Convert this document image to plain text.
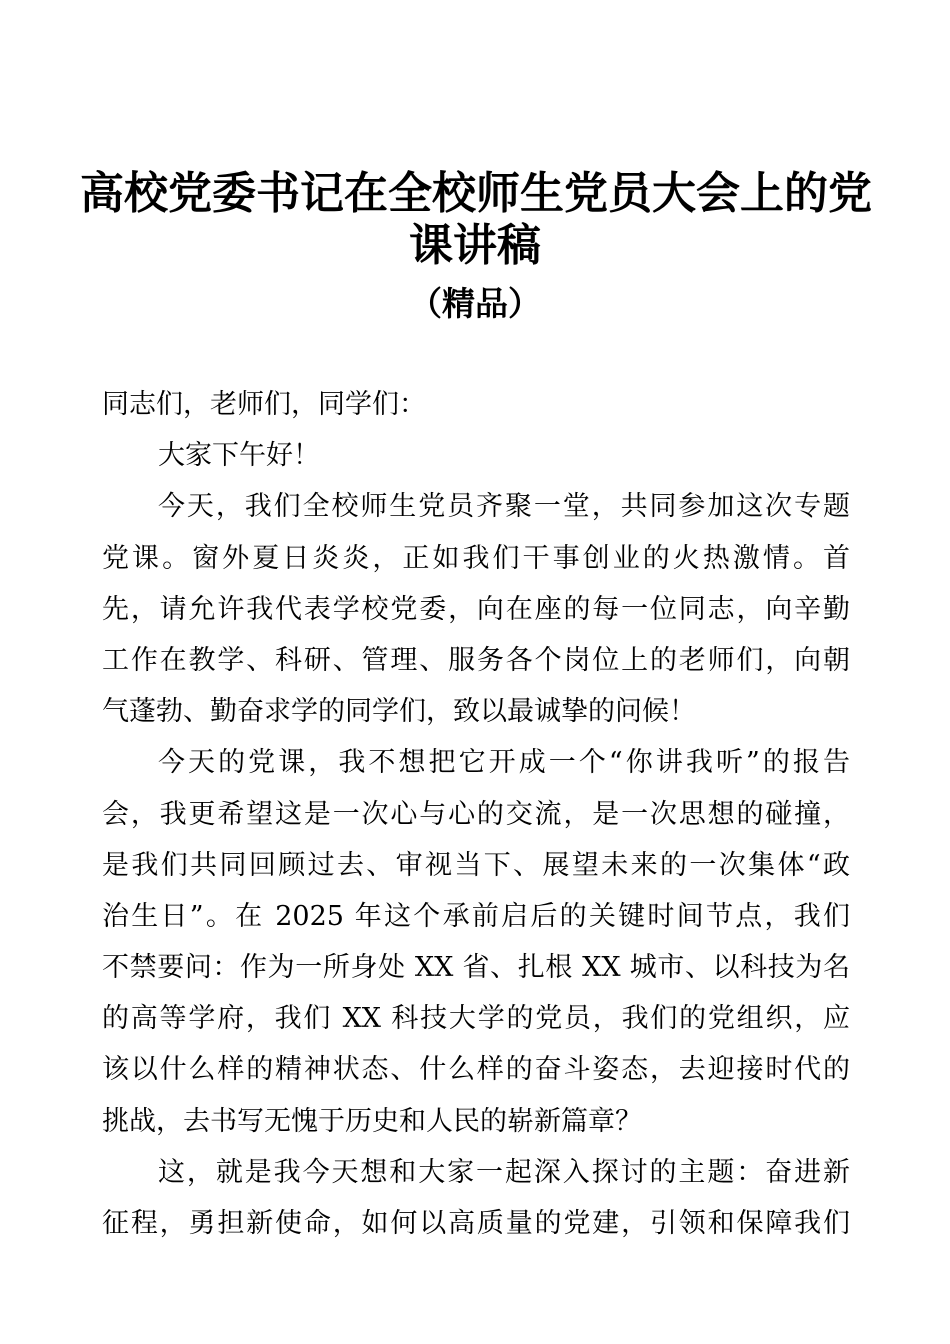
高校党委书记在全校师生党员大会上的党
课讲稿
（精品）
同志们，老师们，同学们：
大家下午好！
今天，我们全校师生党员齐聚一堂，共同参加这次专题
党课。窗外夏日炎炎，正如我们干事创业的火热激情。首
先，请允许我代表学校党委，向在座的每一位同志，向辛勤
工作在教学、科研、管理、服务各个岗位上的老师们，向朝
气蓬勃、勤奋求学的同学们，致以最诚挚的问候！
今天的党课，我不想把它开成一个“你讲我听”的报告
会，我更希望这是一次心与心的交流，是一次思想的碰撞，
是我们共同回顾过去、审视当下、展望未来的一次集体“政
治生日”。在 2025 年这个承前启后的关键时间节点，我们
不禁要问：作为一所身处 XX 省、扎根 XX 城市、以科技为名
的高等学府，我们 XX 科技大学的党员，我们的党组织，应
该以什么样的精神状态、什么样的奋斗姿态，去迎接时代的
挑战，去书写无愧于历史和人民的崭新篇章？
这，就是我今天想和大家一起深入探讨的主题：奋进新
征程，勇担新使命，如何以高质量的党建，引领和保障我们
